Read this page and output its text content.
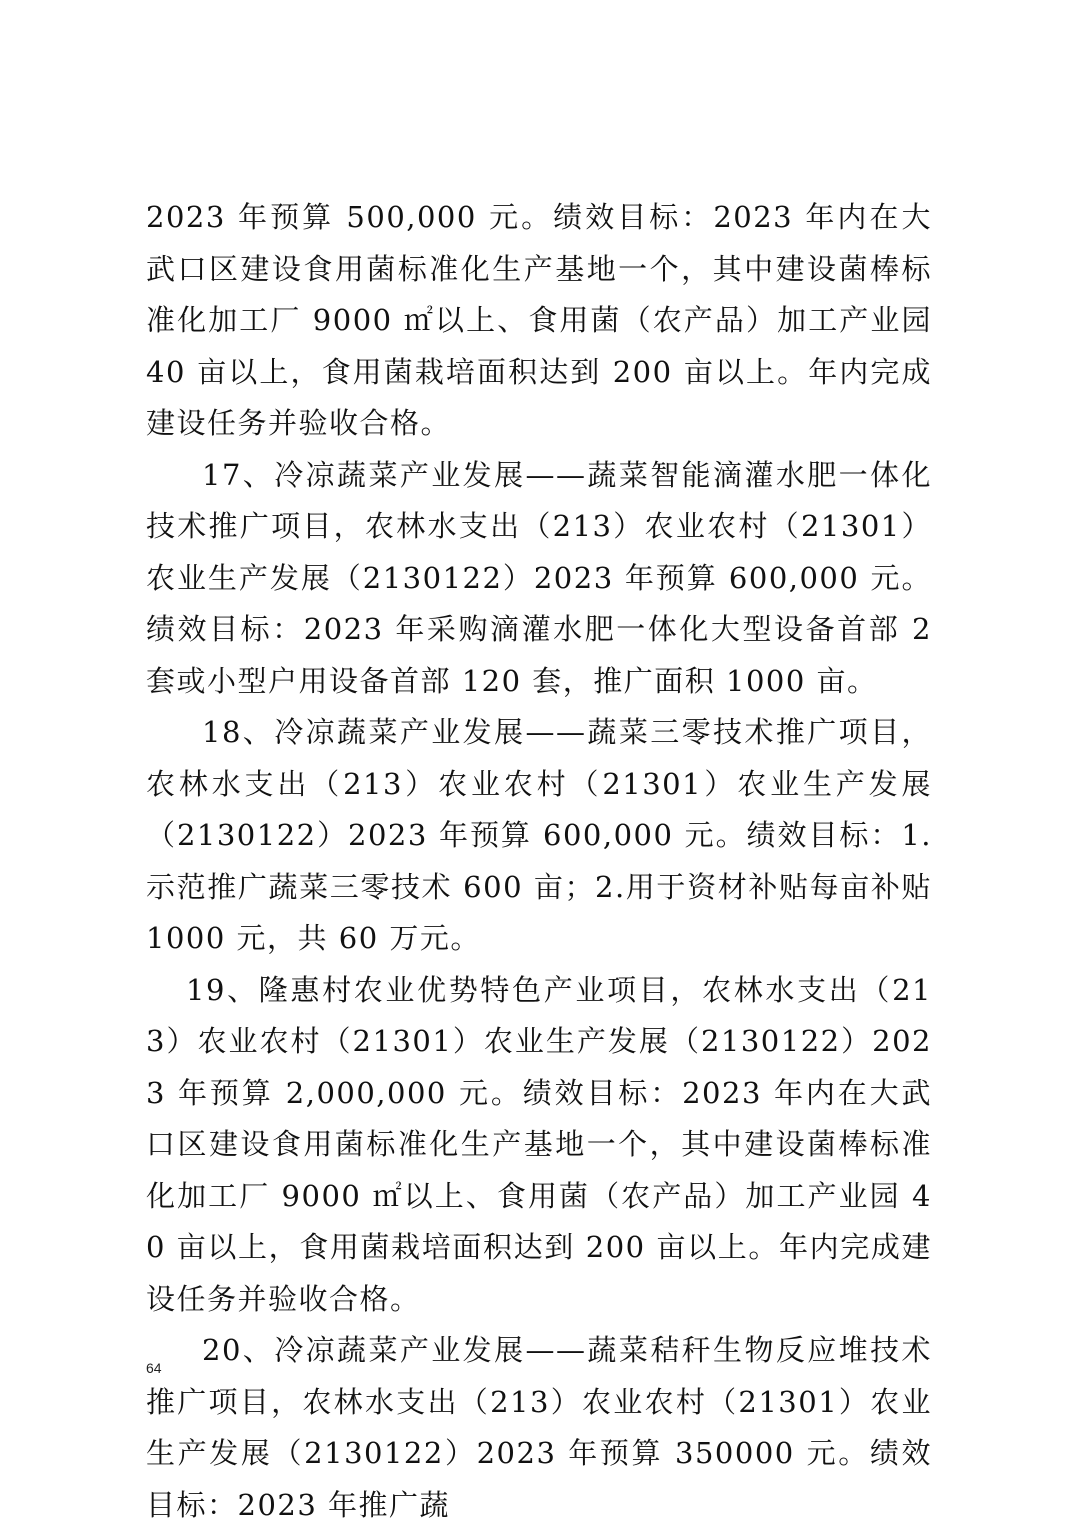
2023 年预算 500,000 元。绩效目标：2023 年内在大武口区建设食用菌标准化生产基地一个，其中建设菌棒标准化加工厂 9000 ㎡以上、食用菌（农产品）加工产业园 40 亩以上，食用菌栽培面积达到 200 亩以上。年内完成建设任务并验收合格。

17、冷凉蔬菜产业发展——蔬菜智能滴灌水肥一体化技术推广项目，农林水支出（213）农业农村（21301）农业生产发展（2130122）2023 年预算 600,000 元。绩效目标：2023 年采购滴灌水肥一体化大型设备首部 2 套或小型户用设备首部 120 套，推广面积 1000 亩。

18、冷凉蔬菜产业发展——蔬菜三零技术推广项目，农林水支出（213）农业农村（21301）农业生产发展（2130122）2023 年预算 600,000 元。绩效目标：1.示范推广蔬菜三零技术 600 亩；2.用于资材补贴每亩补贴 1000 元，共 60 万元。

19、隆惠村农业优势特色产业项目，农林水支出（213）农业农村（21301）农业生产发展（2130122）2023 年预算 2,000,000 元。绩效目标：2023 年内在大武口区建设食用菌标准化生产基地一个，其中建设菌棒标准化加工厂 9000 ㎡以上、食用菌（农产品）加工产业园 40 亩以上，食用菌栽培面积达到 200 亩以上。年内完成建设任务并验收合格。

20、冷凉蔬菜产业发展——蔬菜秸秆生物反应堆技术推广项目，农林水支出（213）农业农村（21301）农业生产发展（2130122）2023 年预算 350000 元。绩效目标：2023 年推广蔬

64
